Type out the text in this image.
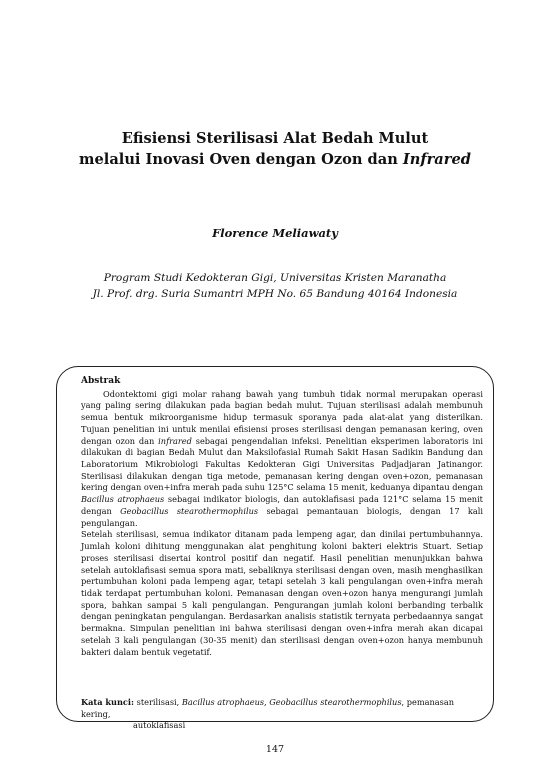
Efisiensi Sterilisasi Alat Bedah Mulut
melalui Inovasi Oven dengan Ozon dan Infrared
Florence Meliawaty
Program Studi Kedokteran Gigi, Universitas Kristen Maranatha
Jl. Prof. drg. Suria Sumantri MPH No. 65 Bandung 40164 Indonesia
Abstrak
Odontektomi gigi molar rahang bawah yang tumbuh tidak normal merupakan operasi
yang paling sering dilakukan pada bagian bedah mulut. Tujuan sterilisasi adalah membunuh
semua bentuk mikroorganisme hidup termasuk sporanya pada alat-alat yang disterilkan.
Tujuan penelitian ini untuk menilai efisiensi proses sterilisasi dengan pemanasan kering, oven
dengan ozon dan infrared sebagai pengendalian infeksi. Penelitian eksperimen laboratoris ini
dilakukan di bagian Bedah Mulut dan Maksilofasial Rumah Sakit Hasan Sadikin Bandung dan
Laboratorium Mikrobiologi Fakultas Kedokteran Gigi Universitas Padjadjaran Jatinangor.
Sterilisasi dilakukan dengan tiga metode, pemanasan kering dengan oven+ozon, pemanasan
kering dengan oven+infra merah pada suhu 125°C selama 15 menit, keduanya dipantau dengan
Bacillus atrophaeus sebagai indikator biologis, dan autoklafisasi pada 121°C selama 15 menit
dengan Geobacillus stearothermophilus sebagai pemantauan biologis, dengan 17 kali pengulangan.
Setelah sterilisasi, semua indikator ditanam pada lempeng agar, dan dinilai pertumbuhannya.
Jumlah koloni dihitung menggunakan alat penghitung koloni bakteri elektris Stuart. Setiap
proses sterilisasi disertai kontrol positif dan negatif. Hasil penelitian menunjukkan bahwa
setelah autoklafisasi semua spora mati, sebaliknya sterilisasi dengan oven, masih menghasilkan
pertumbuhan koloni pada lempeng agar, tetapi setelah 3 kali pengulangan oven+infra merah
tidak terdapat pertumbuhan koloni. Pemanasan dengan oven+ozon hanya mengurangi jumlah
spora, bahkan sampai 5 kali pengulangan. Pengurangan jumlah koloni berbanding terbalik
dengan peningkatan pengulangan. Berdasarkan analisis statistik ternyata perbedaannya sangat
bermakna. Simpulan penelitian ini bahwa sterilisasi dengan oven+infra merah akan dicapai
setelah 3 kali pengulangan (30-35 menit) dan sterilisasi dengan oven+ozon hanya membunuh
bakteri dalam bentuk vegetatif.
Kata kunci: sterilisasi, Bacillus atrophaeus, Geobacillus stearothermophilus, pemanasan kering,
autoklafisasi
147
